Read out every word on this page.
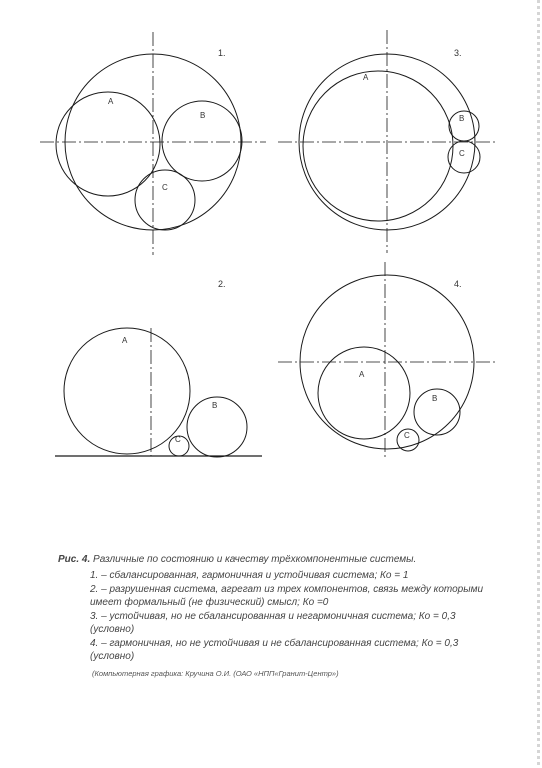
1.
A
B
C
3.
A
B
C
2.
A
B
C
4.
A
B
C
Рис. 4. Различные по состоянию и качеству трёхкомпонентные системы.
1. – сбалансированная, гармоничная и устойчивая система; Ко = 1
2. – разрушенная система, агрегат из трех компонентов, связь между которыми имеет формальный (не физический) смысл; Ко =0
3. – устойчивая, но не сбалансированная и негармоничная система; Ко = 0,3 (условно)
4. – гармоничная, но не устойчивая и не сбалансированная система; Ко = 0,3 (условно)
(Компьютерная графика: Кручина О.И. (ОАО «НПП«Гранит-Центр»)
